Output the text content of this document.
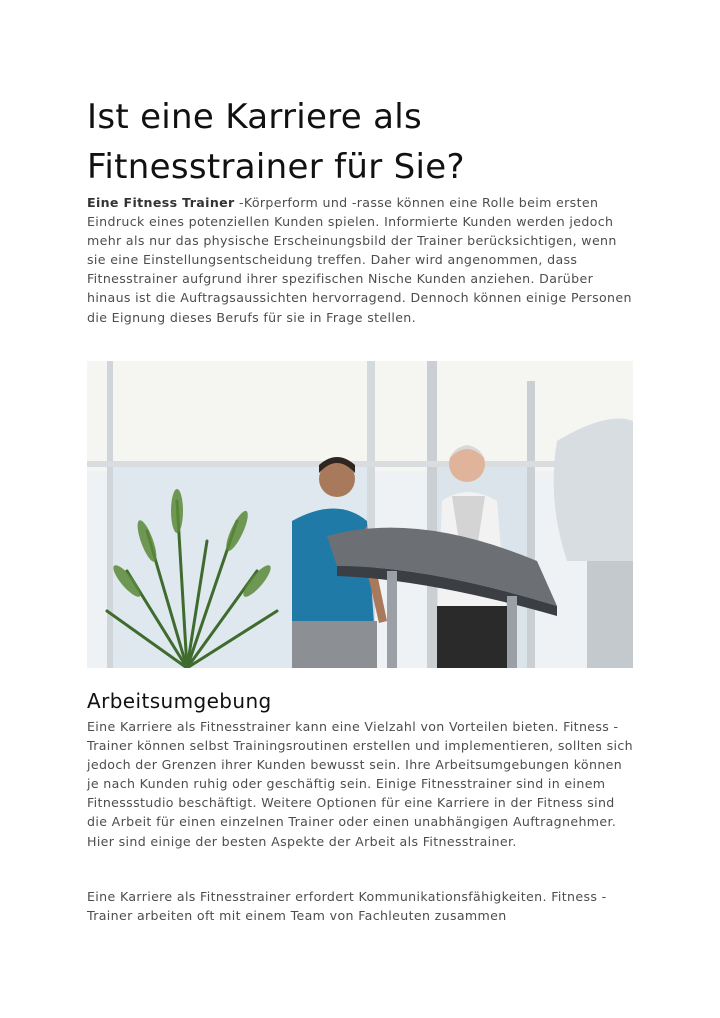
Ist eine Karriere als
Fitnesstrainer für Sie?

Eine Fitness Trainer -Körperform und -rasse können eine Rolle beim ersten Eindruck eines potenziellen Kunden spielen. Informierte Kunden werden jedoch mehr als nur das physische Erscheinungsbild der Trainer berücksichtigen, wenn sie eine Einstellungsentscheidung treffen. Daher wird angenommen, dass Fitnesstrainer aufgrund ihrer spezifischen Nische Kunden anziehen. Darüber hinaus ist die Auftragsaussichten hervorragend. Dennoch können einige Personen die Eignung dieses Berufs für sie in Frage stellen.

Arbeitsumgebung

Eine Karriere als Fitnesstrainer kann eine Vielzahl von Vorteilen bieten. Fitness -Trainer können selbst Trainingsroutinen erstellen und implementieren, sollten sich jedoch der Grenzen ihrer Kunden bewusst sein. Ihre Arbeitsumgebungen können je nach Kunden ruhig oder geschäftig sein. Einige Fitnesstrainer sind in einem Fitnessstudio beschäftigt. Weitere Optionen für eine Karriere in der Fitness sind die Arbeit für einen einzelnen Trainer oder einen unabhängigen Auftragnehmer. Hier sind einige der besten Aspekte der Arbeit als Fitnesstrainer.

Eine Karriere als Fitnesstrainer erfordert Kommunikationsfähigkeiten. Fitness -Trainer arbeiten oft mit einem Team von Fachleuten zusammen
